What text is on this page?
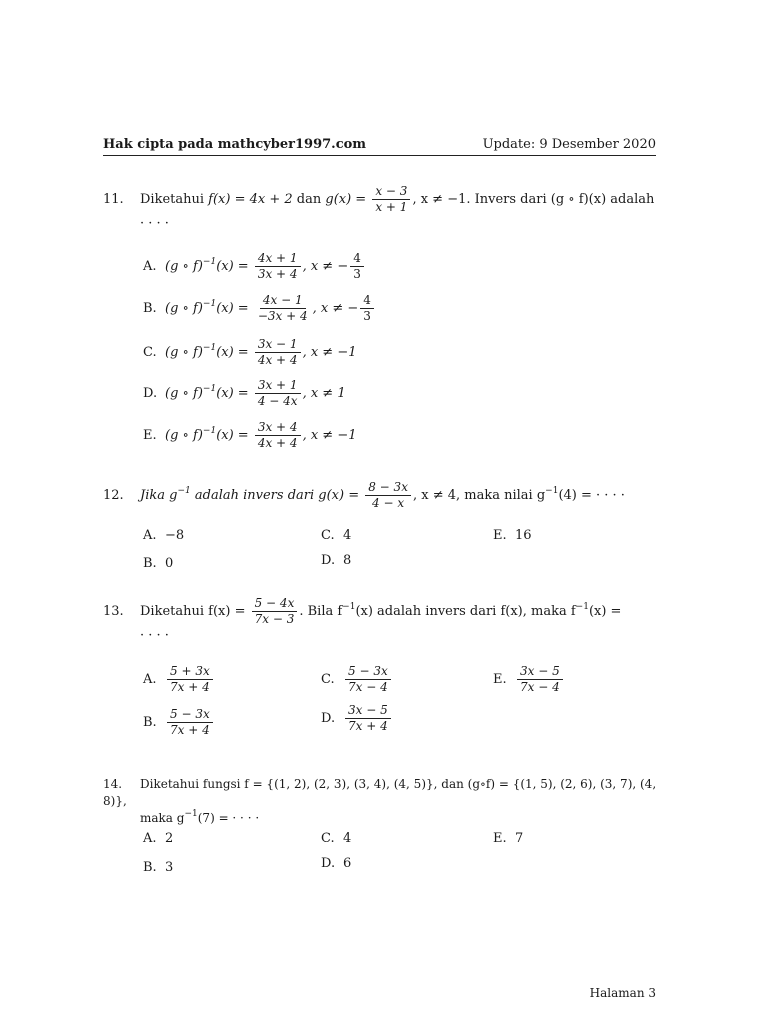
Hak cipta pada mathcyber1997.com	Update: 9 Desember 2020
11. Diketahui f(x) = 4x + 2 dan $g(x) = \frac{x - 3}{x + 1}$ , x ≠ −1. Invers dari (g ∘ f)(x) adalah
· · · ·
A. (g ∘ $f)^{-1}(x) = \frac{4x + 1}{3x + 4}$ , x ≠ − $\frac{4}{3}$
B. (g ∘ $f)^{-1}(x) = \frac{4x - 1}{-3x + 4}$ , x ≠ − $\frac{4}{3}$
C. (g ∘ $f)^{-1}(x) = \frac{3x - 1}{4x + 4}$ , x ≠ −1
D. (g ∘ $f)^{-1}(x) = \frac{3x + 1}{4 - 4x}$ , x ≠ 1
E. (g ∘ $f)^{-1}(x) = \frac{3x + 4}{4x + 4}$ , x ≠ −1
12. Jika $g^{-1}$ adalah invers dari $g(x) = \frac{8 - 3x}{4 - x}$ , x ≠ 4, maka nilai $g^{-1}(4)$ = · · · ·
A. −8
B. 0
C. 4
D. 8
E. 16
13. Diketahui $f(x) = \frac{5 - 4x}{7x - 3}$ . Bila $f^{-1}(x)$ adalah invers dari f(x), maka $f^{-1}(x)$ =
· · · ·
A. $\frac{5 + 3x}{7x + 4}$
B. $\frac{5 - 3x}{7x + 4}$
C. $\frac{5 - 3x}{7x - 4}$
D. $\frac{3x - 5}{7x + 4}$
E. $\frac{3x - 5}{7x - 4}$
14. Diketahui fungsi f = {(1, 2), (2, 3), (3, 4), (4, 5)}, dan (g∘f) = {(1, 5), (2, 6), (3, 7), (4, 8)},
maka $g^{-1}(7)$ = · · · ·
A. 2
B. 3
C. 4
D. 6
E. 7
Halaman 3
